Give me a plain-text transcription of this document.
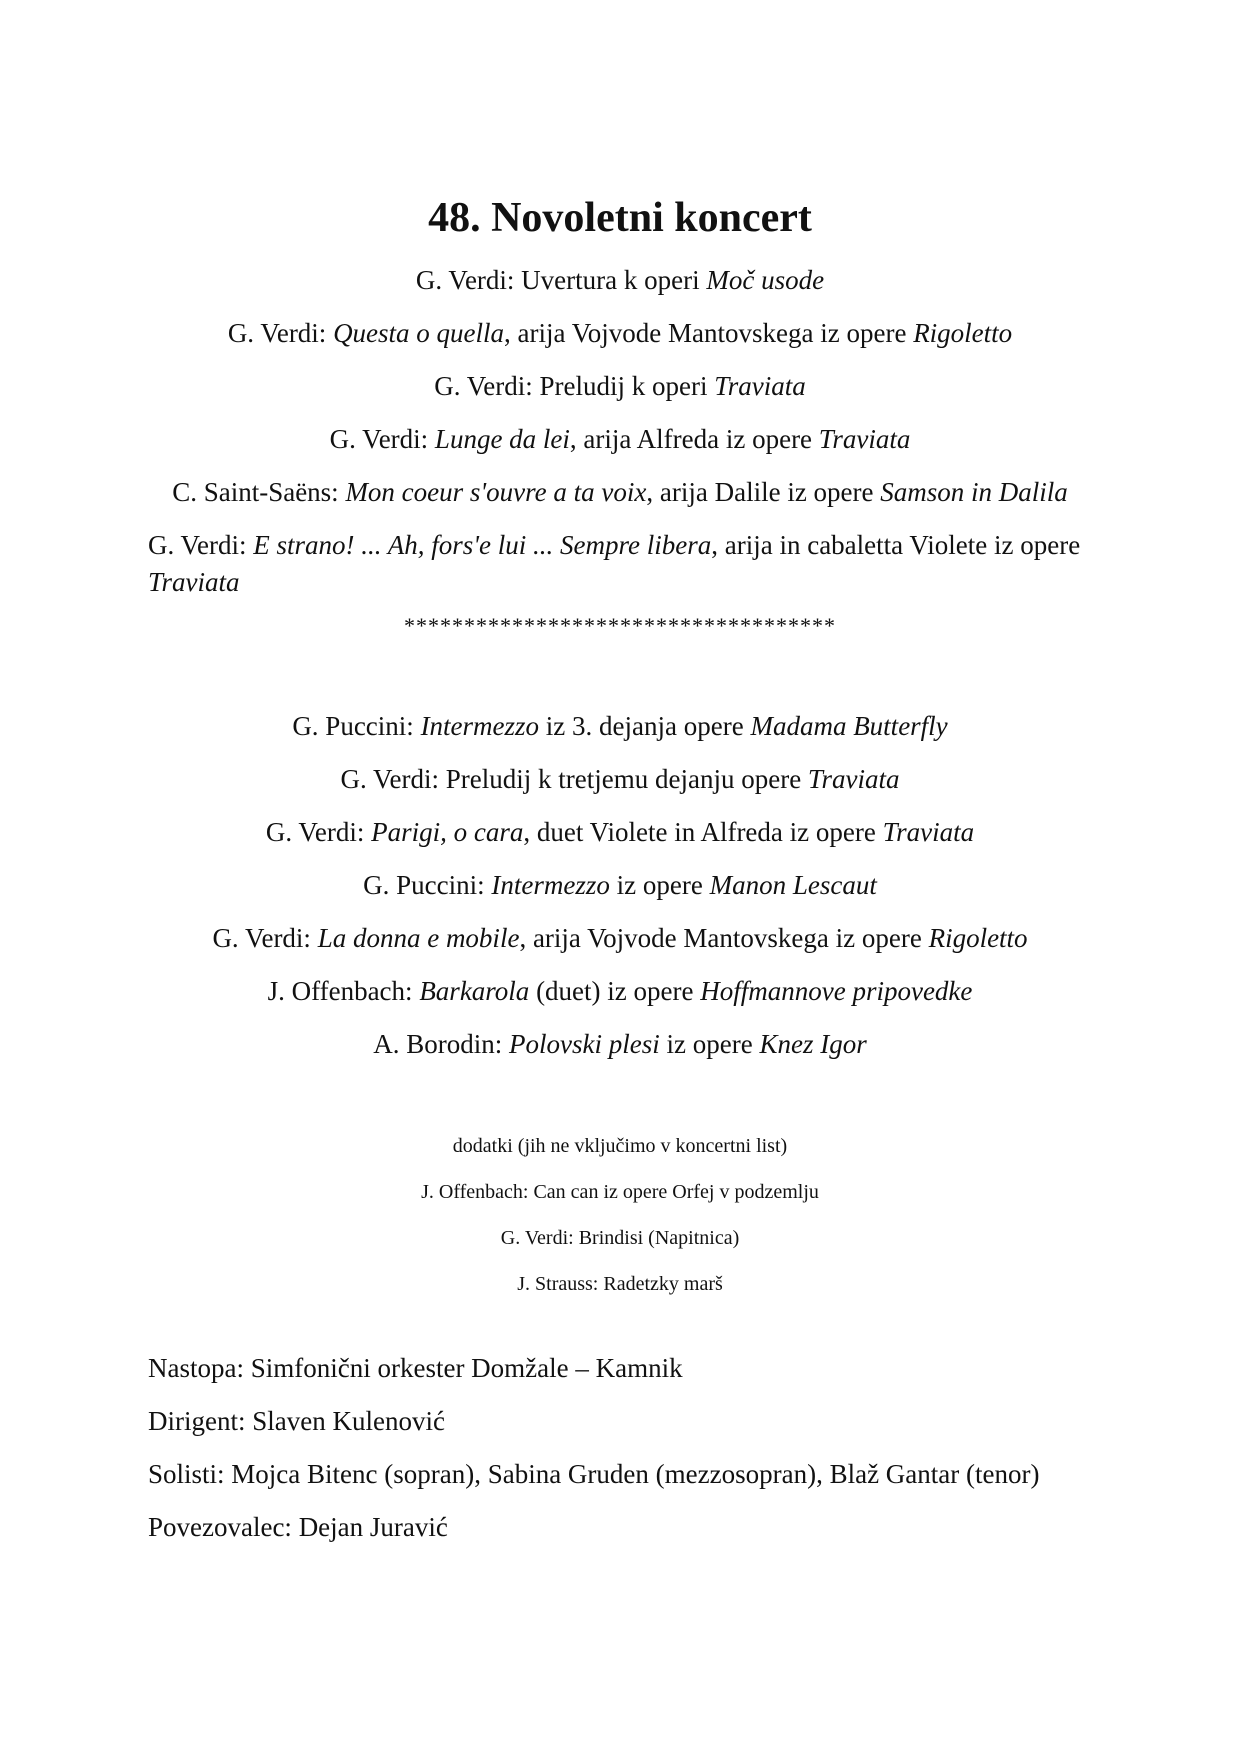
48. Novoletni koncert
G. Verdi: Uvertura k operi Moč usode
G. Verdi: Questa o quella, arija Vojvode Mantovskega iz opere Rigoletto
G. Verdi: Preludij k operi Traviata
G. Verdi: Lunge da lei, arija Alfreda iz opere Traviata
C. Saint-Saëns: Mon coeur s'ouvre a ta voix, arija Dalile iz opere Samson in Dalila
G. Verdi: E strano! ... Ah, fors'e lui ... Sempre libera, arija in cabaletta Violete iz opere Traviata
************************************
G. Puccini: Intermezzo iz 3. dejanja opere Madama Butterfly
G. Verdi: Preludij k tretjemu dejanju opere Traviata
G. Verdi: Parigi, o cara, duet Violete in Alfreda iz opere Traviata
G. Puccini: Intermezzo iz opere Manon Lescaut
G. Verdi: La donna e mobile, arija Vojvode Mantovskega iz opere Rigoletto
J. Offenbach: Barkarola (duet) iz opere Hoffmannove pripovedke
A. Borodin: Polovski plesi iz opere Knez Igor
dodatki (jih ne vključimo v koncertni list)
J. Offenbach: Can can iz opere Orfej v podzemlju
G. Verdi: Brindisi (Napitnica)
J. Strauss: Radetzky marš
Nastopa: Simfonični orkester Domžale – Kamnik
Dirigent: Slaven Kulenović
Solisti: Mojca Bitenc (sopran), Sabina Gruden (mezzosopran), Blaž Gantar (tenor)
Povezovalec: Dejan Juravić
